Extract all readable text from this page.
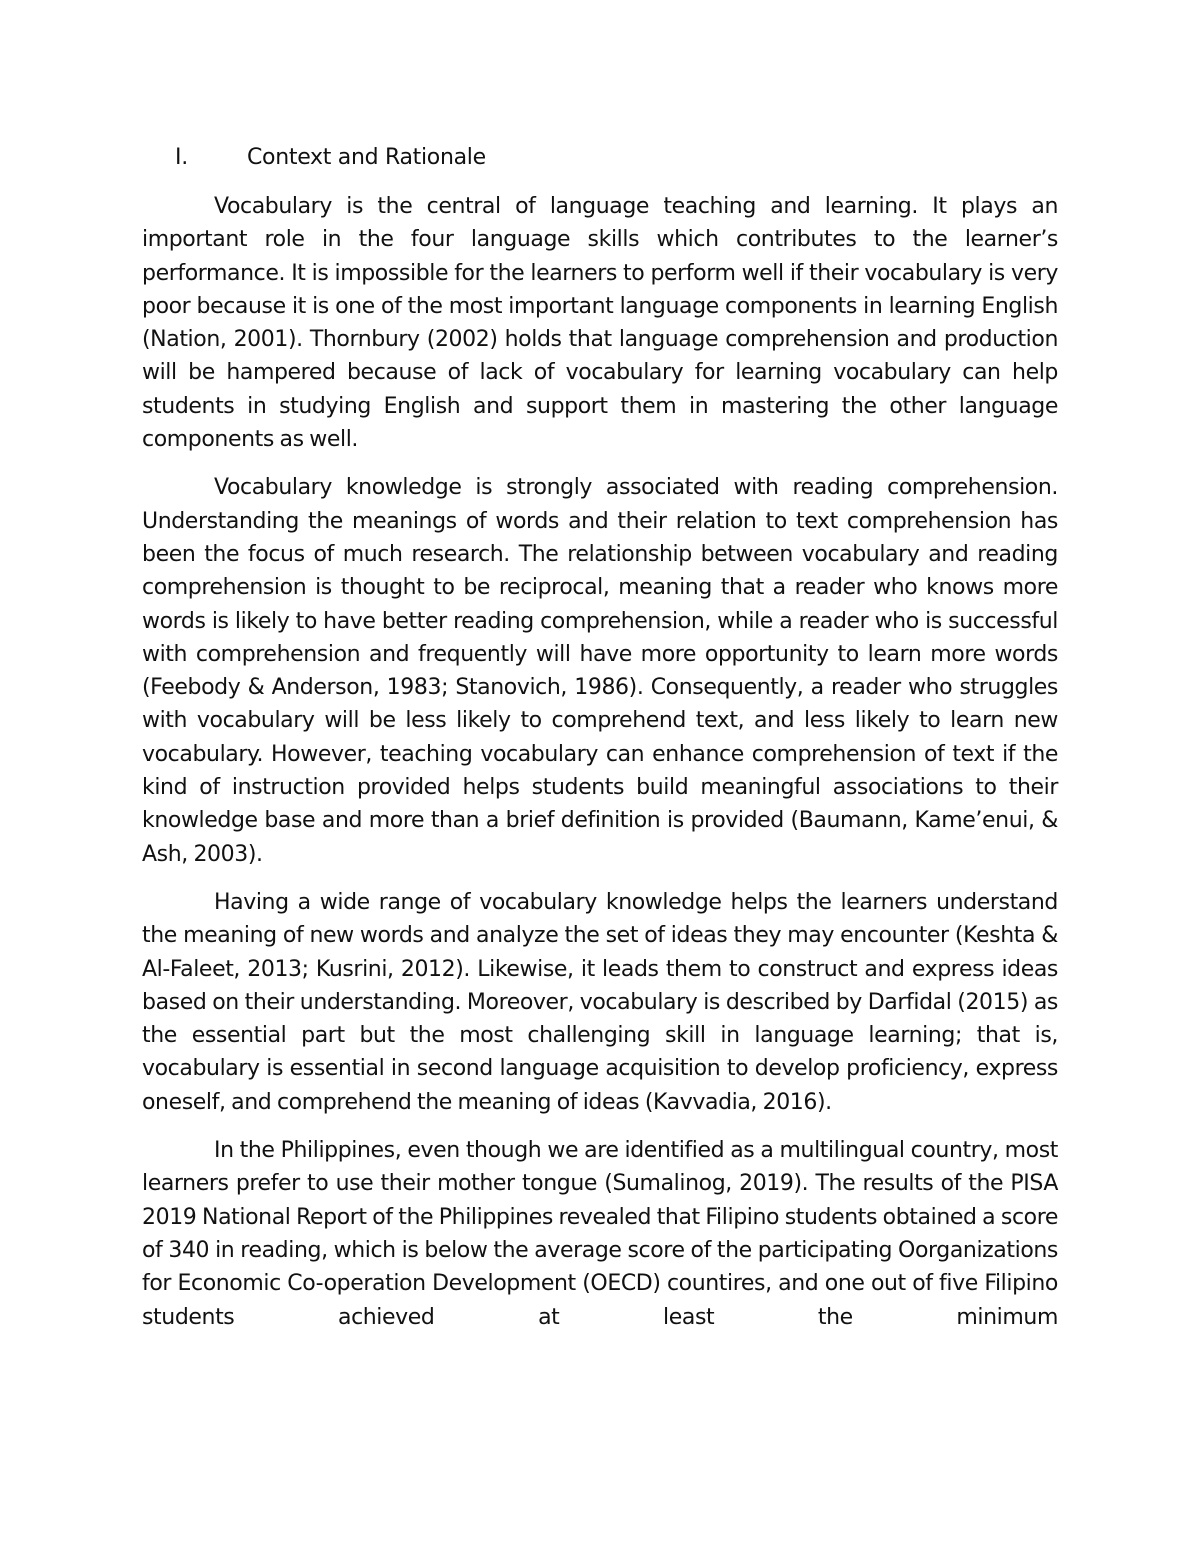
I.	Context and Rationale

Vocabulary is the central of language teaching and learning. It plays an important role in the four language skills which contributes to the learner’s performance. It is impossible for the learners to perform well if their vocabulary is very poor because it is one of the most important language components in learning English (Nation, 2001). Thornbury (2002) holds that language comprehension and production will be hampered because of lack of vocabulary for learning vocabulary can help students in studying English and support them in mastering the other language components as well.

Vocabulary knowledge is strongly associated with reading comprehension. Understanding the meanings of words and their relation to text comprehension has been the focus of much research. The relationship between vocabulary and reading comprehension is thought to be reciprocal, meaning that a reader who knows more words is likely to have better reading comprehension, while a reader who is successful with comprehension and frequently will have more opportunity to learn more words (Feebody & Anderson, 1983; Stanovich, 1986). Consequently, a reader who struggles with vocabulary will be less likely to comprehend text, and less likely to learn new vocabulary. However, teaching vocabulary can enhance comprehension of text if the kind of instruction provided helps students build meaningful associations to their knowledge base and more than a brief definition is provided (Baumann, Kame’enui, & Ash, 2003).

Having a wide range of vocabulary knowledge helps the learners understand the meaning of new words and analyze the set of ideas they may encounter (Keshta & Al-Faleet, 2013; Kusrini, 2012). Likewise, it leads them to construct and express ideas based on their understanding. Moreover, vocabulary is described by Darfidal (2015) as the essential part but the most challenging skill in language learning; that is, vocabulary is essential in second language acquisition to develop proficiency, express oneself, and comprehend the meaning of ideas (Kavvadia, 2016).

In the Philippines, even though we are identified as a multilingual country, most learners prefer to use their mother tongue (Sumalinog, 2019). The results of the PISA 2019 National Report of the Philippines revealed that Filipino students obtained a score of 340 in reading, which is below the average score of the participating Oorganizations for Economic Co-operation Development (OECD) countires, and one out of five Filipino students achieved at least the minimum
